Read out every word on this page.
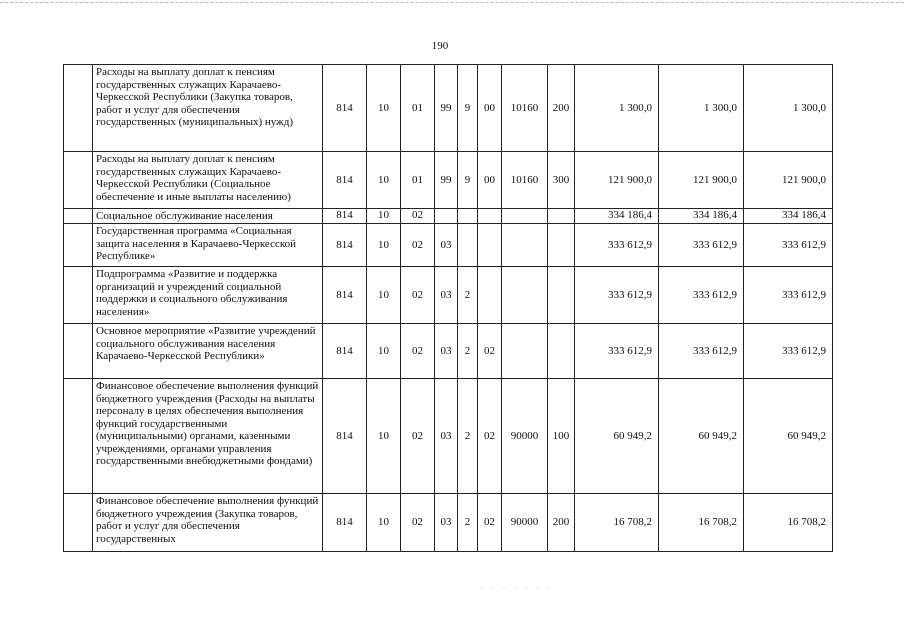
190
	Расходы на выплату доплат к пенсиям государственных служащих Карачаево-Черкесской Республики (Закупка товаров, работ и услуг для обеспечения государственных (муниципальных) нужд)	814	10	01	99	9	00	10160	200	1 300,0	1 300,0	1 300,0
	Расходы на выплату доплат к пенсиям государственных служащих Карачаево-Черкесской Республики (Социальное обеспечение и иные выплаты населению)	814	10	01	99	9	00	10160	300	121 900,0	121 900,0	121 900,0
	Социальное обслуживание населения	814	10	02						334 186,4	334 186,4	334 186,4
	Государственная программа «Социальная защита населения в Карачаево-Черкесской Республике»	814	10	02	03					333 612,9	333 612,9	333 612,9
	Подпрограмма «Развитие и поддержка организаций и учреждений социальной поддержки и социального обслуживания населения»	814	10	02	03	2				333 612,9	333 612,9	333 612,9
	Основное мероприятие «Развитие учреждений социального обслуживания населения Карачаево-Черкесской Республики»	814	10	02	03	2	02			333 612,9	333 612,9	333 612,9
	Финансовое обеспечение выполнения функций бюджетного учреждения (Расходы на выплаты персоналу в целях обеспечения выполнения функций государственными (муниципальными) органами, казенными учреждениями, органами управления государственными внебюджетными фондами)	814	10	02	03	2	02	90000	100	60 949,2	60 949,2	60 949,2
	Финансовое обеспечение выполнения функций бюджетного учреждения (Закупка товаров, работ и услуг для обеспечения государственных	814	10	02	03	2	02	90000	200	16 708,2	16 708,2	16 708,2
· · · · · · ·
